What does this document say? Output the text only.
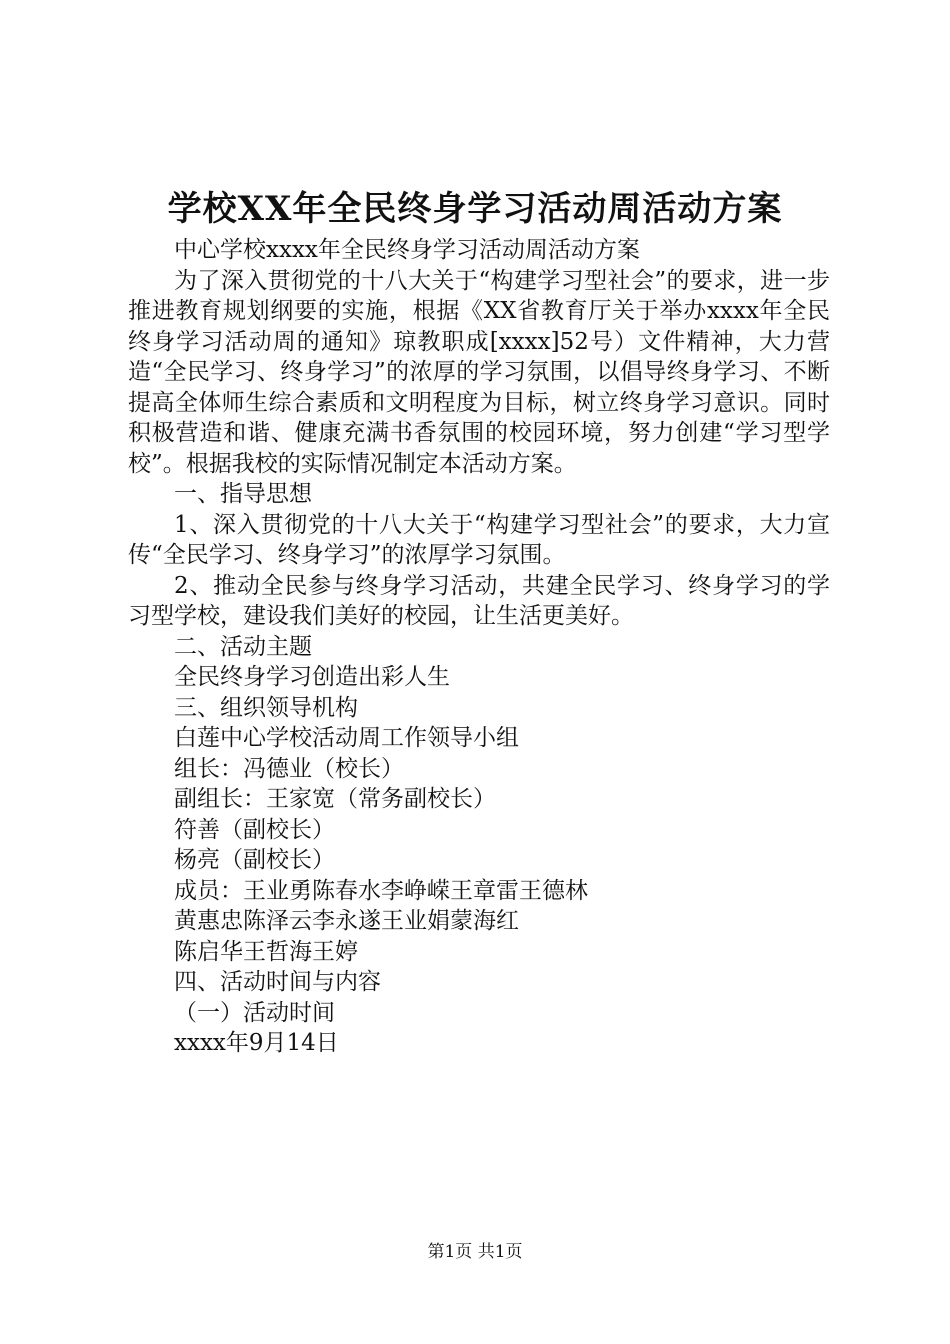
学校XX年全民终身学习活动周活动方案

中心学校xxxx年全民终身学习活动周活动方案

为了深入贯彻党的十八大关于“构建学习型社会”的要求，进一步推进教育规划纲要的实施，根据《XX省教育厅关于举办xxxx年全民终身学习活动周的通知》琼教职成[xxxx]52号）文件精神，大力营造“全民学习、终身学习”的浓厚的学习氛围，以倡导终身学习、不断提高全体师生综合素质和文明程度为目标，树立终身学习意识。同时积极营造和谐、健康充满书香氛围的校园环境，努力创建“学习型学校”。根据我校的实际情况制定本活动方案。

一、指导思想

1、深入贯彻党的十八大关于“构建学习型社会”的要求，大力宣传“全民学习、终身学习”的浓厚学习氛围。

2、推动全民参与终身学习活动，共建全民学习、终身学习的学习型学校，建设我们美好的校园，让生活更美好。

二、活动主题

全民终身学习创造出彩人生

三、组织领导机构

白莲中心学校活动周工作领导小组

组长：冯德业（校长）

副组长：王家宽（常务副校长）

符善（副校长）

杨亮（副校长）

成员：王业勇陈春水李峥嵘王章雷王德林

黄惠忠陈泽云李永遂王业娟蒙海红

陈启华王哲海王婷

四、活动时间与内容

（一）活动时间

xxxx年9月14日

第1页 共1页
